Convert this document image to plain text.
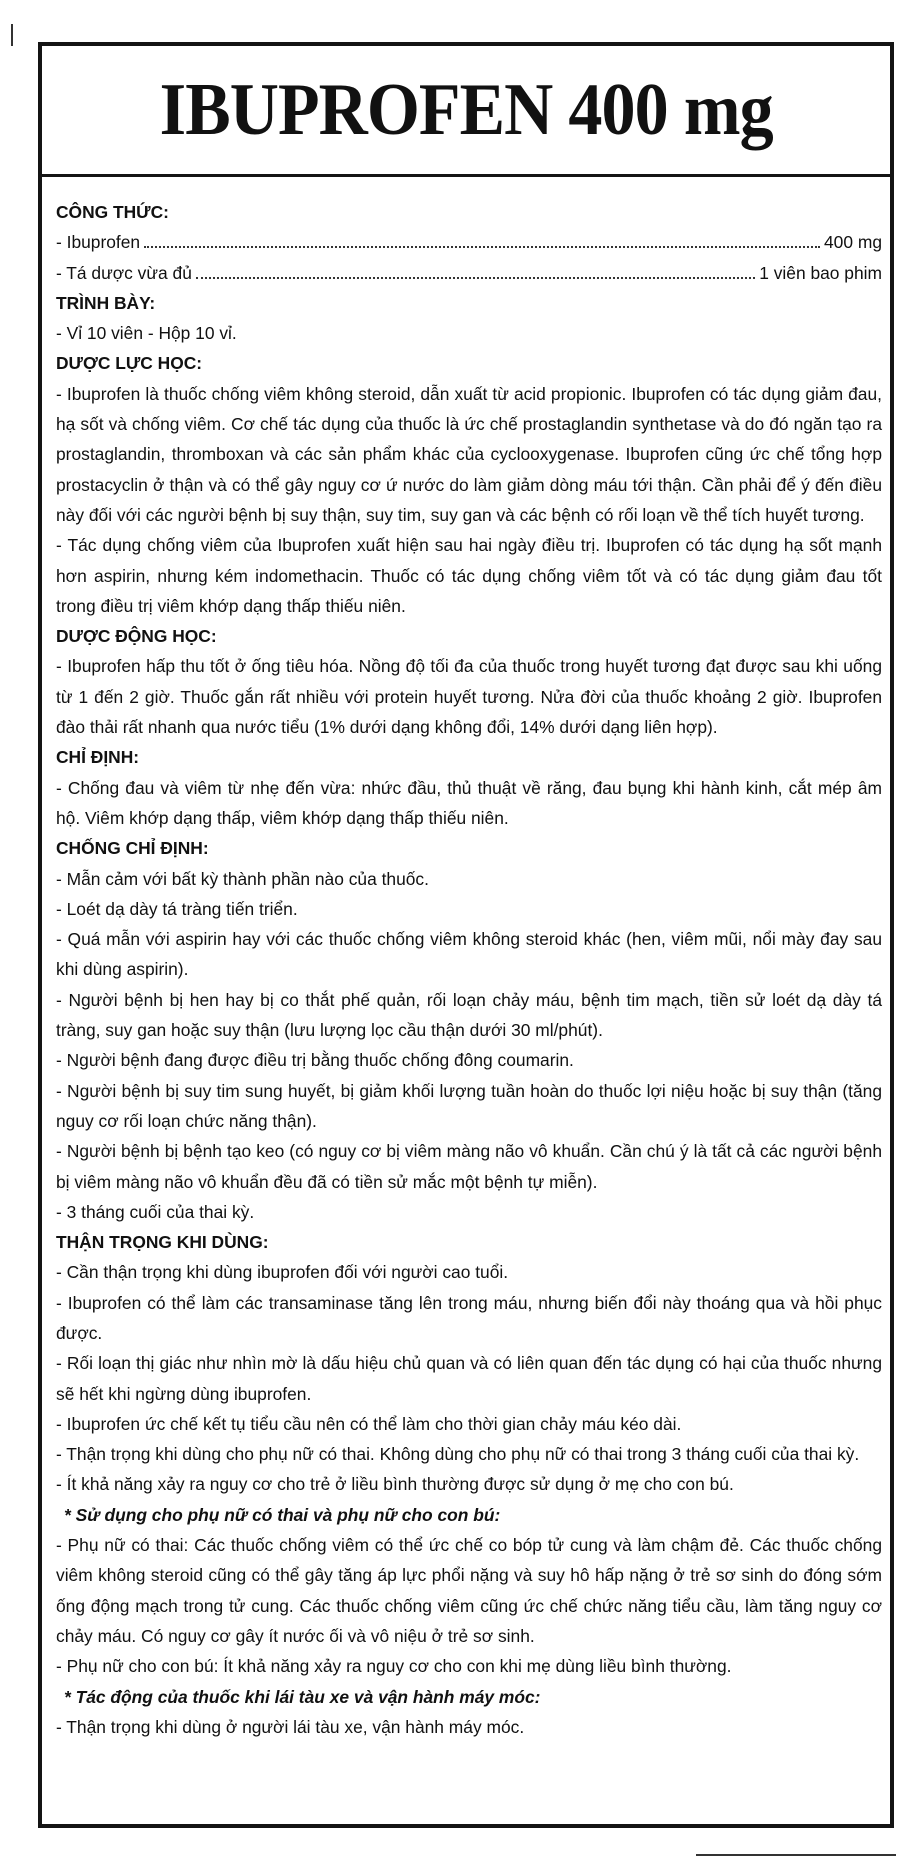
IBUPROFEN 400 mg
CÔNG THỨC:
- Ibuprofen	400 mg
- Tá dược vừa đủ	1 viên bao phim
TRÌNH BÀY:
- Vỉ 10 viên - Hộp 10 vỉ.
DƯỢC LỰC HỌC:
- Ibuprofen là thuốc chống viêm không steroid, dẫn xuất từ acid propionic. Ibuprofen có tác dụng giảm đau, hạ sốt và chống viêm. Cơ chế tác dụng của thuốc là ức chế prostaglandin synthetase và do đó ngăn tạo ra prostaglandin, thromboxan và các sản phẩm khác của cyclooxygenase. Ibuprofen cũng ức chế tổng hợp prostacyclin ở thận và có thể gây nguy cơ ứ nước do làm giảm dòng máu tới thận. Cần phải để ý đến điều này đối với các người bệnh bị suy thận, suy tim, suy gan và các bệnh có rối loạn về thể tích huyết tương.
- Tác dụng chống viêm của Ibuprofen xuất hiện sau hai ngày điều trị. Ibuprofen có tác dụng hạ sốt mạnh hơn aspirin, nhưng kém indomethacin. Thuốc có tác dụng chống viêm tốt và có tác dụng giảm đau tốt trong điều trị viêm khớp dạng thấp thiếu niên.
DƯỢC ĐỘNG HỌC:
- Ibuprofen hấp thu tốt ở ống tiêu hóa. Nồng độ tối đa của thuốc trong huyết tương đạt được sau khi uống từ 1 đến 2 giờ. Thuốc gắn rất nhiều với protein huyết tương. Nửa đời của thuốc khoảng 2 giờ. Ibuprofen đào thải rất nhanh qua nước tiểu (1% dưới dạng không đổi, 14% dưới dạng liên hợp).
CHỈ ĐỊNH:
- Chống đau và viêm từ nhẹ đến vừa: nhức đầu, thủ thuật về răng, đau bụng khi hành kinh, cắt mép âm hộ. Viêm khớp dạng thấp, viêm khớp dạng thấp thiếu niên.
CHỐNG CHỈ ĐỊNH:
- Mẫn cảm với bất kỳ thành phần nào của thuốc.
- Loét dạ dày tá tràng tiến triển.
- Quá mẫn với aspirin hay với các thuốc chống viêm không steroid khác (hen, viêm mũi, nổi mày đay sau khi dùng aspirin).
- Người bệnh bị hen hay bị co thắt phế quản, rối loạn chảy máu, bệnh tim mạch, tiền sử loét dạ dày tá tràng, suy gan hoặc suy thận (lưu lượng lọc cầu thận dưới 30 ml/phút).
- Người bệnh đang được điều trị bằng thuốc chống đông coumarin.
- Người bệnh bị suy tim sung huyết, bị giảm khối lượng tuần hoàn do thuốc lợi niệu hoặc bị suy thận (tăng nguy cơ rối loạn chức năng thận).
- Người bệnh bị bệnh tạo keo (có nguy cơ bị viêm màng não vô khuẩn. Cần chú ý là tất cả các người bệnh bị viêm màng não vô khuẩn đều đã có tiền sử mắc một bệnh tự miễn).
- 3 tháng cuối của thai kỳ.
THẬN TRỌNG KHI DÙNG:
- Cần thận trọng khi dùng ibuprofen đối với người cao tuổi.
- Ibuprofen có thể làm các transaminase tăng lên trong máu, nhưng biến đổi này thoáng qua và hồi phục được.
- Rối loạn thị giác như nhìn mờ là dấu hiệu chủ quan và có liên quan đến tác dụng có hại của thuốc nhưng sẽ hết khi ngừng dùng ibuprofen.
- Ibuprofen ức chế kết tụ tiểu cầu nên có thể làm cho thời gian chảy máu kéo dài.
- Thận trọng khi dùng cho phụ nữ có thai. Không dùng cho phụ nữ có thai trong 3 tháng cuối của thai kỳ.
- Ít khả năng xảy ra nguy cơ cho trẻ ở liều bình thường được sử dụng ở mẹ cho con bú.
* Sử dụng cho phụ nữ có thai và phụ nữ cho con bú:
- Phụ nữ có thai: Các thuốc chống viêm có thể ức chế co bóp tử cung và làm chậm đẻ. Các thuốc chống viêm không steroid cũng có thể gây tăng áp lực phổi nặng và suy hô hấp nặng ở trẻ sơ sinh do đóng sớm ống động mạch trong tử cung. Các thuốc chống viêm cũng ức chế chức năng tiểu cầu, làm tăng nguy cơ chảy máu. Có nguy cơ gây ít nước ối và vô niệu ở trẻ sơ sinh.
- Phụ nữ cho con bú: Ít khả năng xảy ra nguy cơ cho con khi mẹ dùng liều bình thường.
* Tác động của thuốc khi lái tàu xe và vận hành máy móc:
- Thận trọng khi dùng ở người lái tàu xe, vận hành máy móc.
